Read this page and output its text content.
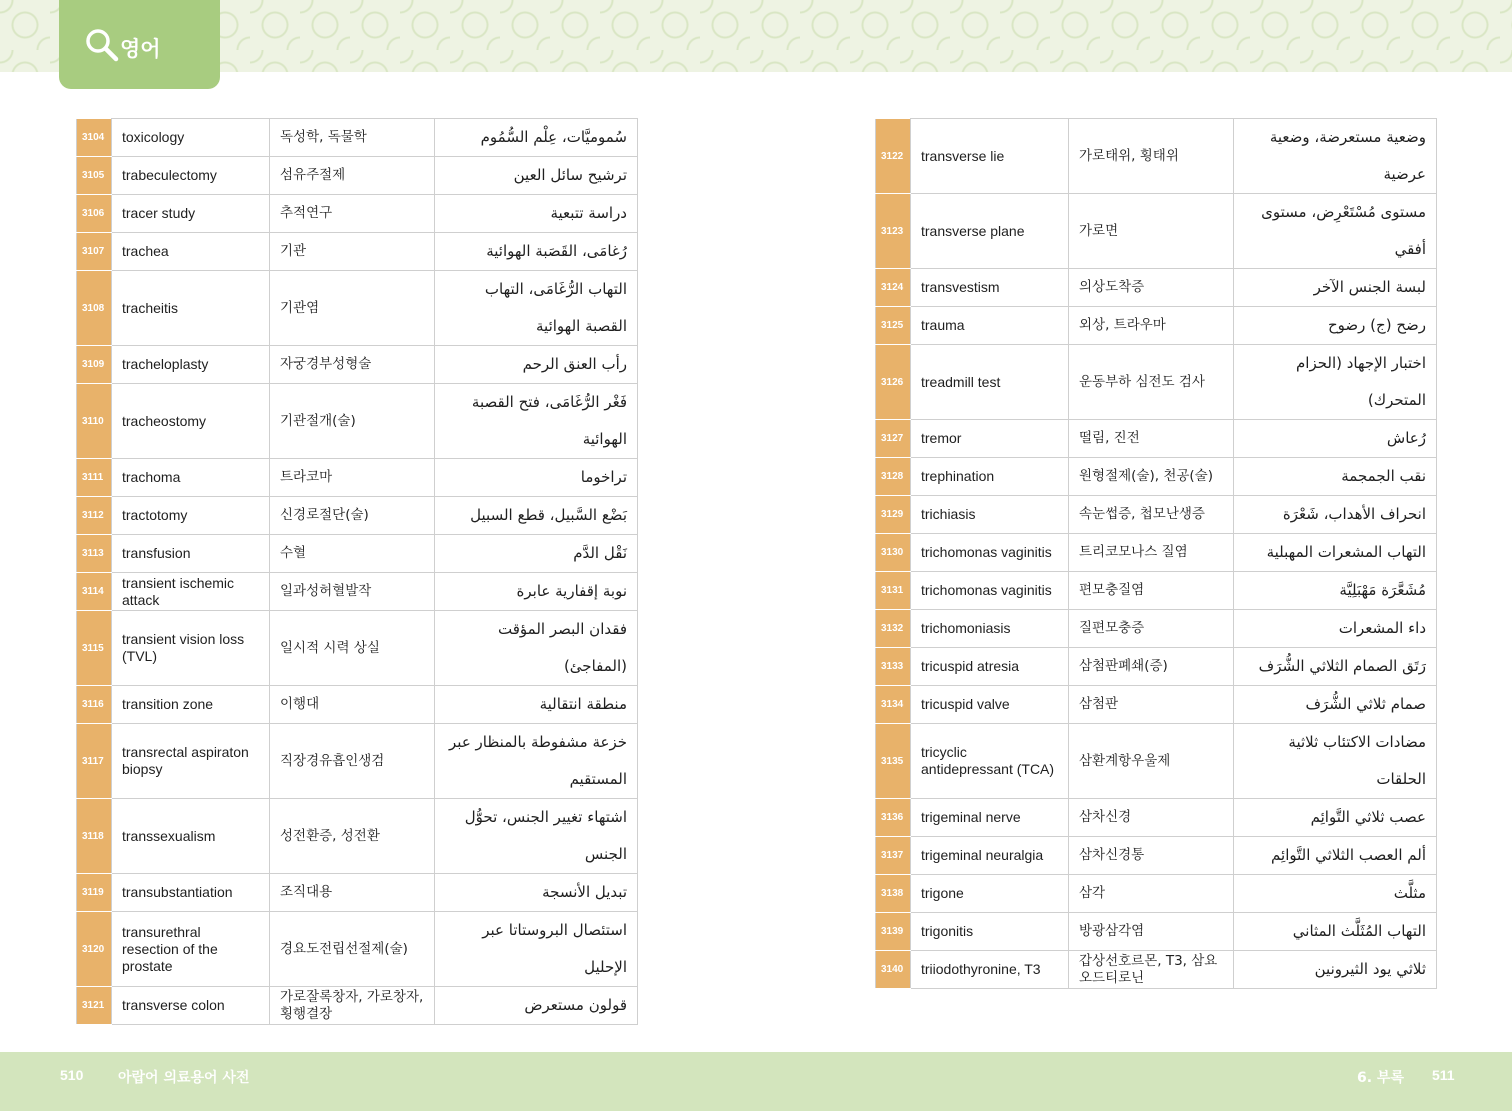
영어
3104	toxicology	독성학, 독물학	سُموميَّات، عِلْم السُّمُوم
3105	trabeculectomy	섬유주절제	ترشيح سائل العين
3106	tracer study	추적연구	دراسة تتبعية
3107	trachea	기관	رُغامَى، القَصَبة الهوائية
3108	tracheitis	기관염	التهاب الرُّغَامَى، التهاب القصبة الهوائية
3109	tracheloplasty	자궁경부성형술	رأب العنق الرحم
3110	tracheostomy	기관절개(술)	فَغْر الرُّغَامَى، فتح القصبة الهوائية
3111	trachoma	트라코마	تراخوما
3112	tractotomy	신경로절단(술)	بَضْع السَّبيل، قطع السبيل
3113	transfusion	수혈	نَقْل الدَّم
3114	transient ischemic attack	일과성허혈발작	نوبة إقفارية عابرة
3115	transient vision loss (TVL)	일시적 시력 상실	فقدان البصر المؤقت (المفاجئ)
3116	transition zone	이행대	منطقة انتقالية
3117	transrectal aspiraton biopsy	직장경유흡인생검	خزعة مشفوطة بالمنظار عبر المستقيم
3118	transsexualism	성전환증, 성전환	اشتهاء تغيير الجنس، تحوُّل الجنس
3119	transubstantiation	조직대용	تبديل الأنسجة
3120	transurethral resection of the prostate	경요도전립선절제(술)	استئصال البروستاتا عبر الإحليل
3121	transverse colon	가로잘록창자, 가로창자, 횡행결장	قولون مستعرض
3122	transverse lie	가로태위, 횡태위	وضعية مستعرضة، وضعية عرضية
3123	transverse plane	가로면	مستوى مُسْتَعْرِض، مستوى أفقي
3124	transvestism	의상도착증	لبسة الجنس الآخر
3125	trauma	외상, 트라우마	رضح (ج) رضوح
3126	treadmill test	운동부하 심전도 검사	اختبار الإجهاد (الحزام المتحرك)
3127	tremor	떨림, 진전	رُعاش
3128	trephination	원형절제(술), 천공(술)	نقب الجمجمة
3129	trichiasis	속눈썹증, 첩모난생증	انحراف الأهداب، شَعْرَة
3130	trichomonas vaginitis	트리코모나스 질염	التهاب المشعرات المهبلية
3131	trichomonas vaginitis	편모충질염	مُشَعَّرَة مَهْبَلِيَّة
3132	trichomoniasis	질편모충증	داء المشعرات
3133	tricuspid atresia	삼첨판폐쇄(증)	رَتَق الصمام الثلاثي الشُّرَف
3134	tricuspid valve	삼첨판	صمام ثلاثي الشُّرَف
3135	tricyclic antidepressant (TCA)	삼환계항우울제	مضادات الاكتئاب ثلاثية الحلقات
3136	trigeminal nerve	삼차신경	عصب ثلاثي التَّوائِم
3137	trigeminal neuralgia	삼차신경통	ألم العصب الثلاثي التَّوائِم
3138	trigone	삼각	مثلَّث
3139	trigonitis	방광삼각염	التهاب المُثَلَّث المثاني
3140	triiodothyronine, T3	갑상선호르몬, T3, 삼요오드티로닌	ثلاثي يود الثيرونين
510 아랍어 의료용어 사전	6. 부록 511
